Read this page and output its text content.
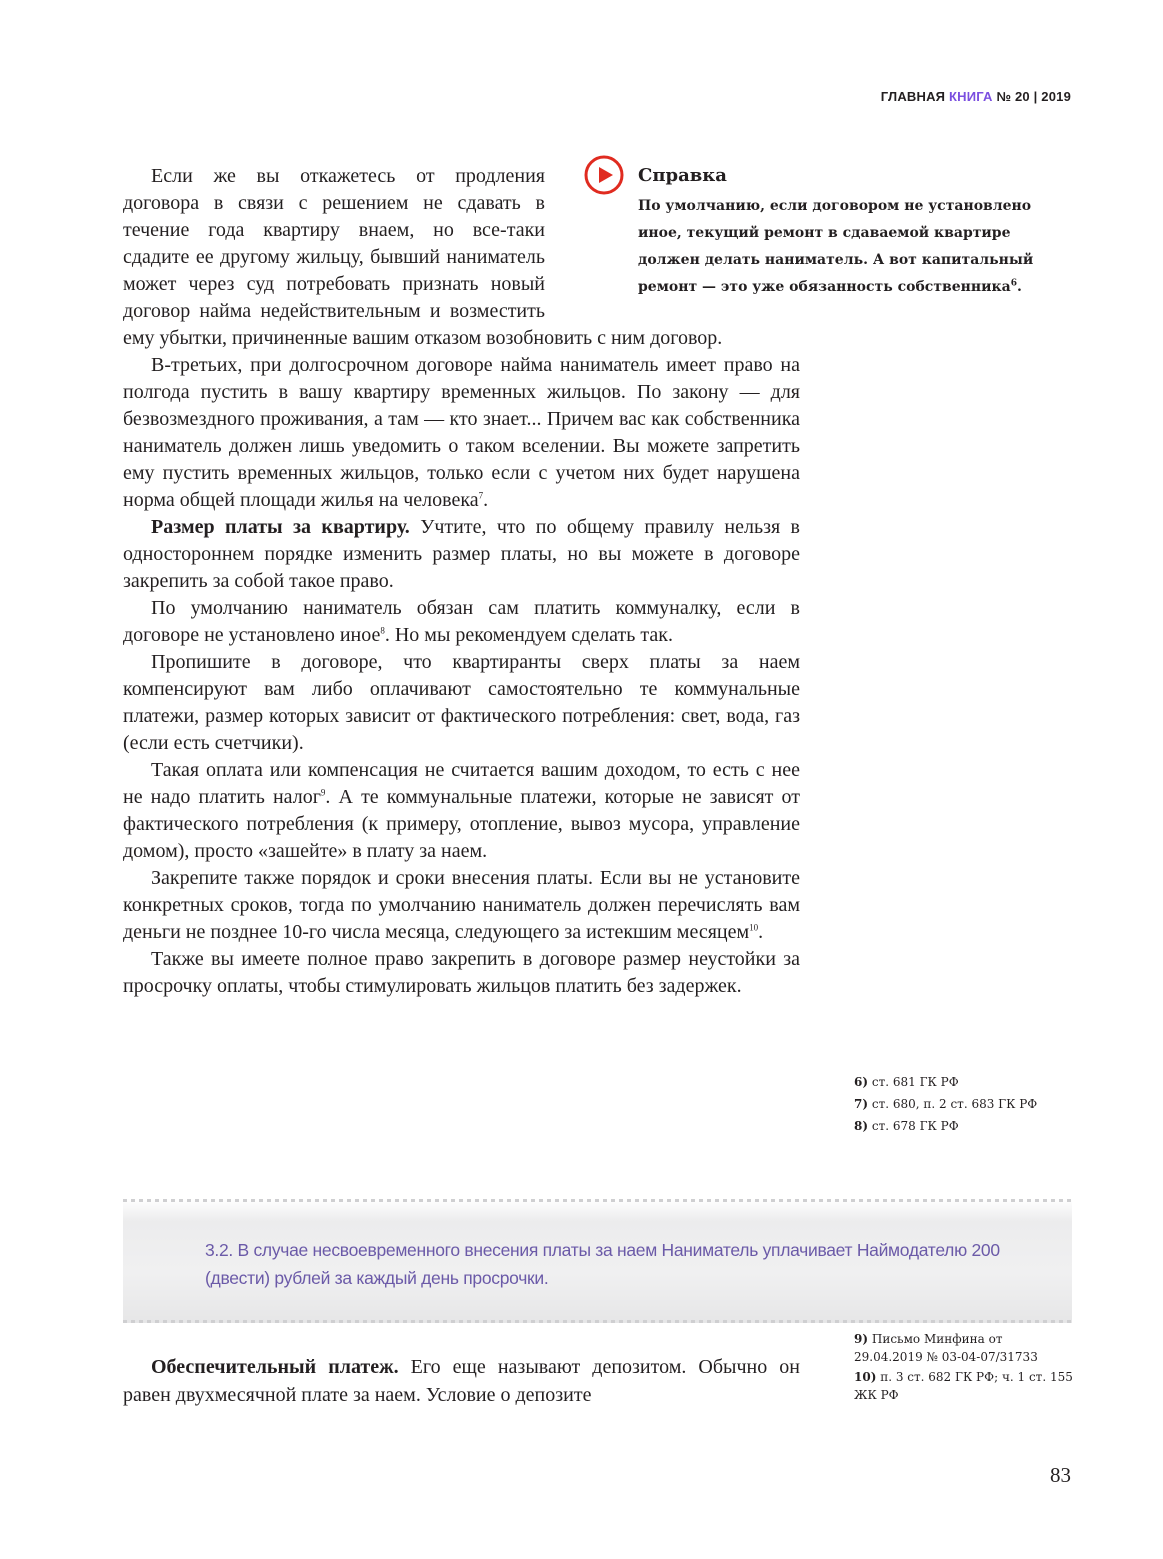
ГЛАВНАЯ КНИГА № 20 | 2019
Справка
По умолчанию, если договором не установлено иное, текущий ремонт в сдаваемой квартире должен делать наниматель. А вот капитальный ремонт — это уже обязанность собственника$^6$.

Если же вы откажетесь от продления договора в связи с решением не сдавать в течение года квартиру внаем, но все-таки сдадите ее другому жильцу, бывший наниматель может через суд потребовать признать новый договор найма недействительным и возместить ему убытки, причиненные вашим отказом возобновить с ним договор.

В-третьих, при долгосрочном договоре найма наниматель имеет право на полгода пустить в вашу квартиру временных жильцов. По закону — для безвозмездного проживания, а там — кто знает... Причем вас как собственника наниматель должен лишь уведомить о таком вселении. Вы можете запретить ему пустить временных жильцов, только если с учетом них будет нарушена норма общей площади жилья на человека$^7$.

Размер платы за квартиру. Учтите, что по общему правилу нельзя в одностороннем порядке изменить размер платы, но вы можете в договоре закрепить за собой такое право.

По умолчанию наниматель обязан сам платить коммуналку, если в договоре не установлено иное$^8$. Но мы рекомендуем сделать так.

Пропишите в договоре, что квартиранты сверх платы за наем компенсируют вам либо оплачивают самостоятельно те коммунальные платежи, размер которых зависит от фактического потребления: свет, вода, газ (если есть счетчики).

Такая оплата или компенсация не считается вашим доходом, то есть с нее не надо платить налог$^9$. А те коммунальные платежи, которые не зависят от фактического потребления (к примеру, отопление, вывоз мусора, управление домом), просто «зашейте» в плату за наем.

Закрепите также порядок и сроки внесения платы. Если вы не установите конкретных сроков, тогда по умолчанию наниматель должен перечислять вам деньги не позднее 10-го числа месяца, следующего за истекшим месяцем$^{10}$.

Также вы имеете полное право закрепить в договоре размер неустойки за просрочку оплаты, чтобы стимулировать жильцов платить без задержек.

6) ст. 681 ГК РФ
7) ст. 680, п. 2 ст. 683 ГК РФ
8) ст. 678 ГК РФ
3.2. В случае несвоевременного внесения платы за наем Наниматель уплачивает Наймодателю 200 (двести) рублей за каждый день просрочки.
9) Письмо Минфина от 29.04.2019 № 03-04-07/31733
10) п. 3 ст. 682 ГК РФ; ч. 1 ст. 155 ЖК РФ

Обеспечительный платеж. Его еще называют депозитом. Обычно он равен двухмесячной плате за наем. Условие о депозите

83
